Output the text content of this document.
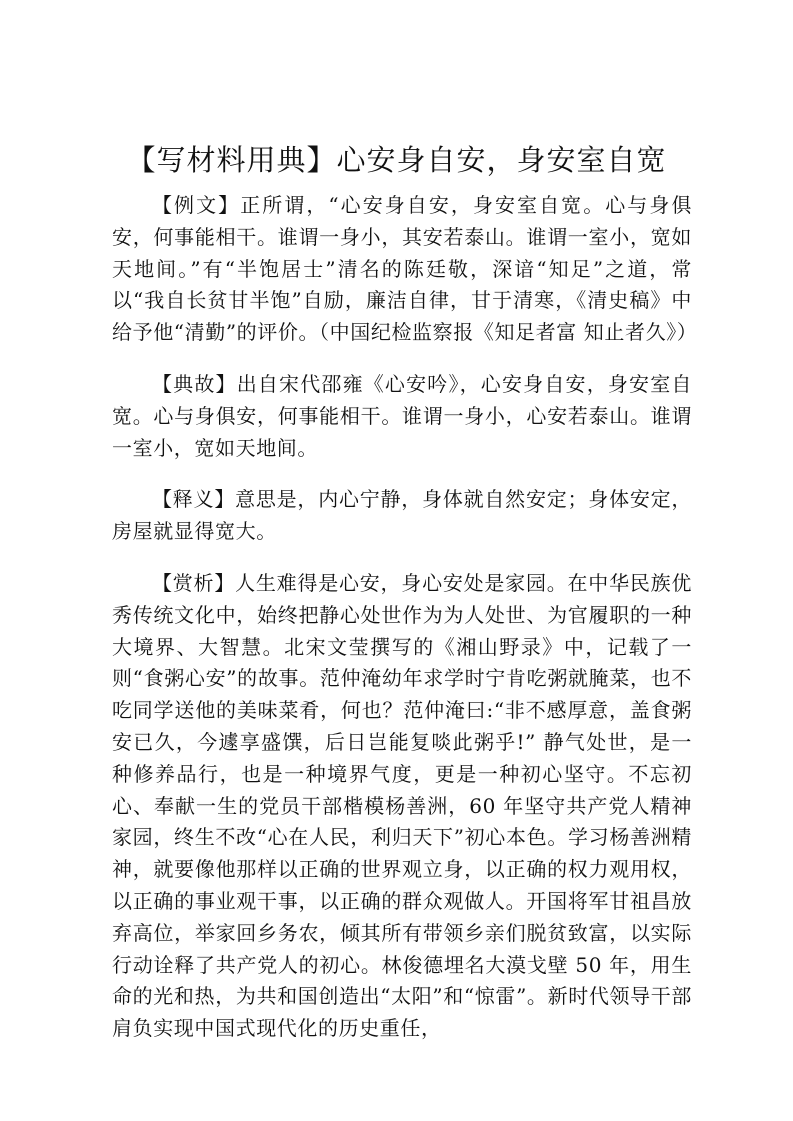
【写材料用典】心安身自安，身安室自宽

【例文】正所谓，“心安身自安，身安室自宽。心与身俱安，何事能相干。谁谓一身小，其安若泰山。谁谓一室小，宽如天地间。”有“半饱居士”清名的陈廷敬，深谙“知足”之道，常以“我自长贫甘半饱”自励，廉洁自律，甘于清寒，《清史稿》中给予他“清勤”的评价。（中国纪检监察报《知足者富 知止者久》）

【典故】出自宋代邵雍《心安吟》，心安身自安，身安室自宽。心与身俱安，何事能相干。谁谓一身小，心安若泰山。谁谓一室小，宽如天地间。

【释义】意思是，内心宁静，身体就自然安定；身体安定，房屋就显得宽大。

【赏析】人生难得是心安，身心安处是家园。在中华民族优秀传统文化中，始终把静心处世作为为人处世、为官履职的一种大境界、大智慧。北宋文莹撰写的《湘山野录》中，记载了一则“食粥心安”的故事。范仲淹幼年求学时宁肯吃粥就腌菜，也不吃同学送他的美味菜肴，何也？范仲淹曰:“非不感厚意，盖食粥安已久，今遽享盛馔，后日岂能复啖此粥乎!” 静气处世，是一种修养品行，也是一种境界气度，更是一种初心坚守。不忘初心、奉献一生的党员干部楷模杨善洲，60 年坚守共产党人精神家园，终生不改“心在人民，利归天下”初心本色。学习杨善洲精神，就要像他那样以正确的世界观立身，以正确的权力观用权，以正确的事业观干事，以正确的群众观做人。开国将军甘祖昌放弃高位，举家回乡务农，倾其所有带领乡亲们脱贫致富，以实际行动诠释了共产党人的初心。林俊德埋名大漠戈壁 50 年，用生命的光和热，为共和国创造出“太阳”和“惊雷”。新时代领导干部肩负实现中国式现代化的历史重任，
